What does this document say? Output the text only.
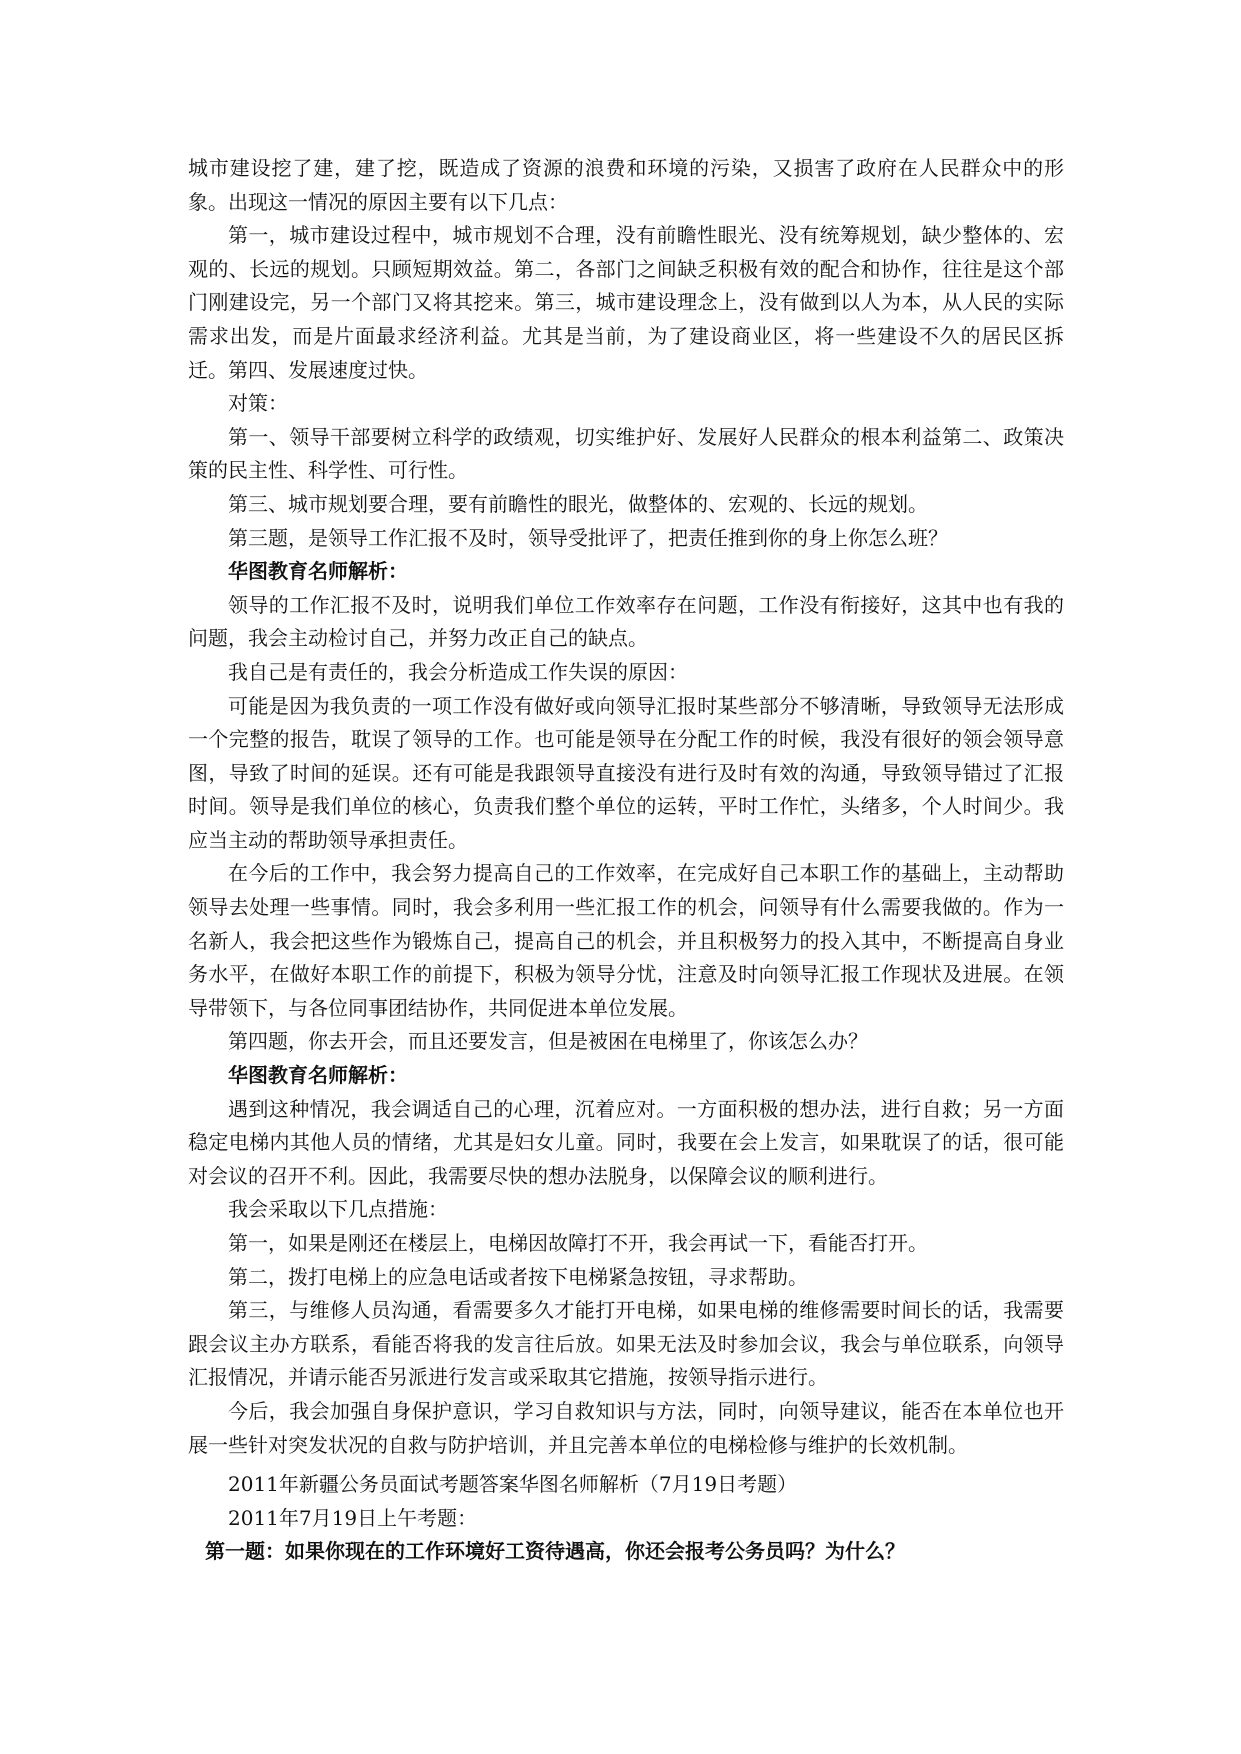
城市建设挖了建，建了挖，既造成了资源的浪费和环境的污染，又损害了政府在人民群众中的形象。出现这一情况的原因主要有以下几点：

第一，城市建设过程中，城市规划不合理，没有前瞻性眼光、没有统筹规划，缺少整体的、宏观的、长远的规划。只顾短期效益。第二，各部门之间缺乏积极有效的配合和协作，往往是这个部门刚建设完，另一个部门又将其挖来。第三，城市建设理念上，没有做到以人为本，从人民的实际需求出发，而是片面最求经济利益。尤其是当前，为了建设商业区，将一些建设不久的居民区拆迁。第四、发展速度过快。

对策：

第一、领导干部要树立科学的政绩观，切实维护好、发展好人民群众的根本利益第二、政策决策的民主性、科学性、可行性。

第三、城市规划要合理，要有前瞻性的眼光，做整体的、宏观的、长远的规划。

第三题，是领导工作汇报不及时，领导受批评了，把责任推到你的身上你怎么班？

华图教育名师解析：

领导的工作汇报不及时，说明我们单位工作效率存在问题，工作没有衔接好，这其中也有我的问题，我会主动检讨自己，并努力改正自己的缺点。

我自己是有责任的，我会分析造成工作失误的原因：

可能是因为我负责的一项工作没有做好或向领导汇报时某些部分不够清晰，导致领导无法形成一个完整的报告，耽误了领导的工作。也可能是领导在分配工作的时候，我没有很好的领会领导意图，导致了时间的延误。还有可能是我跟领导直接没有进行及时有效的沟通，导致领导错过了汇报时间。领导是我们单位的核心，负责我们整个单位的运转，平时工作忙，头绪多，个人时间少。我应当主动的帮助领导承担责任。

在今后的工作中，我会努力提高自己的工作效率，在完成好自己本职工作的基础上，主动帮助领导去处理一些事情。同时，我会多利用一些汇报工作的机会，问领导有什么需要我做的。作为一名新人，我会把这些作为锻炼自己，提高自己的机会，并且积极努力的投入其中，不断提高自身业务水平，在做好本职工作的前提下，积极为领导分忧，注意及时向领导汇报工作现状及进展。在领导带领下，与各位同事团结协作，共同促进本单位发展。

第四题，你去开会，而且还要发言，但是被困在电梯里了，你该怎么办？

华图教育名师解析：

遇到这种情况，我会调适自己的心理，沉着应对。一方面积极的想办法，进行自救；另一方面稳定电梯内其他人员的情绪，尤其是妇女儿童。同时，我要在会上发言，如果耽误了的话，很可能对会议的召开不利。因此，我需要尽快的想办法脱身，以保障会议的顺利进行。

我会采取以下几点措施：

第一，如果是刚还在楼层上，电梯因故障打不开，我会再试一下，看能否打开。

第二，拨打电梯上的应急电话或者按下电梯紧急按钮，寻求帮助。

第三，与维修人员沟通，看需要多久才能打开电梯，如果电梯的维修需要时间长的话，我需要跟会议主办方联系，看能否将我的发言往后放。如果无法及时参加会议，我会与单位联系，向领导汇报情况，并请示能否另派进行发言或采取其它措施，按领导指示进行。

今后，我会加强自身保护意识，学习自救知识与方法，同时，向领导建议，能否在本单位也开展一些针对突发状况的自救与防护培训，并且完善本单位的电梯检修与维护的长效机制。

2011年新疆公务员面试考题答案华图名师解析（7月19日考题）

2011年7月19日上午考题：

第一题：如果你现在的工作环境好工资待遇高，你还会报考公务员吗？为什么？
